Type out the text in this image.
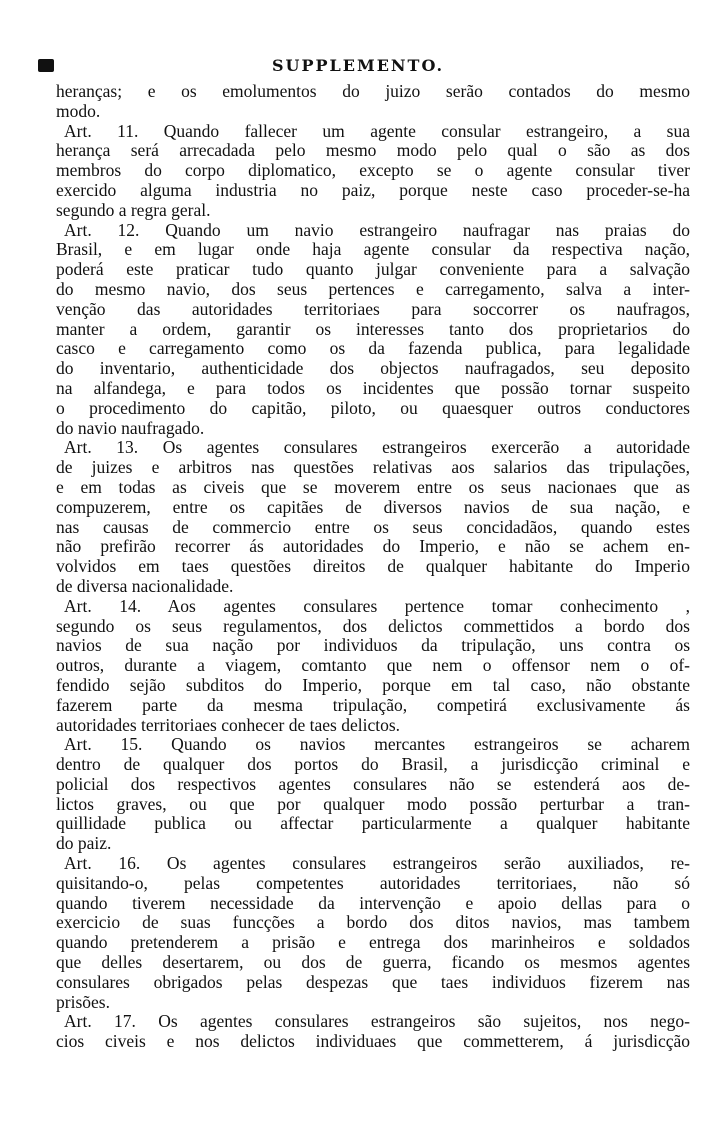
SUPPLEMENTO.
heranças; e os emolumentos do juizo serão contados do mesmo
modo.
Art. 11. Quando fallecer um agente consular estrangeiro, a sua
herança será arrecadada pelo mesmo modo pelo qual o são as dos
membros do corpo diplomatico, excepto se o agente consular tiver
exercido alguma industria no paiz, porque neste caso proceder-se-ha
segundo a regra geral.
Art. 12. Quando um navio estrangeiro naufragar nas praias do
Brasil, e em lugar onde haja agente consular da respectiva nação,
poderá este praticar tudo quanto julgar conveniente para a salvação
do mesmo navio, dos seus pertences e carregamento, salva a inter-
venção das autoridades territoriaes para soccorrer os naufragos,
manter a ordem, garantir os interesses tanto dos proprietarios do
casco e carregamento como os da fazenda publica, para legalidade
do inventario, authenticidade dos objectos naufragados, seu deposito
na alfandega, e para todos os incidentes que possão tornar suspeito
o procedimento do capitão, piloto, ou quaesquer outros conductores
do navio naufragado.
Art. 13. Os agentes consulares estrangeiros exercerão a autoridade
de juizes e arbitros nas questões relativas aos salarios das tripulações,
e em todas as civeis que se moverem entre os seus nacionaes que as
compuzerem, entre os capitães de diversos navios de sua nação, e
nas causas de commercio entre os seus concidadãos, quando estes
não prefirão recorrer ás autoridades do Imperio, e não se achem en-
volvidos em taes questões direitos de qualquer habitante do Imperio
de diversa nacionalidade.
Art. 14. Aos agentes consulares pertence tomar conhecimento ,
segundo os seus regulamentos, dos delictos commettidos a bordo dos
navios de sua nação por individuos da tripulação, uns contra os
outros, durante a viagem, comtanto que nem o offensor nem o of-
fendido sejão subditos do Imperio, porque em tal caso, não obstante
fazerem parte da mesma tripulação, competirá exclusivamente ás
autoridades territoriaes conhecer de taes delictos.
Art. 15. Quando os navios mercantes estrangeiros se acharem
dentro de qualquer dos portos do Brasil, a jurisdicção criminal e
policial dos respectivos agentes consulares não se estenderá aos de-
lictos graves, ou que por qualquer modo possão perturbar a tran-
quillidade publica ou affectar particularmente a qualquer habitante
do paiz.
Art. 16. Os agentes consulares estrangeiros serão auxiliados, re-
quisitando-o, pelas competentes autoridades territoriaes, não só
quando tiverem necessidade da intervenção e apoio dellas para o
exercicio de suas funcções a bordo dos ditos navios, mas tambem
quando pretenderem a prisão e entrega dos marinheiros e soldados
que delles desertarem, ou dos de guerra, ficando os mesmos agentes
consulares obrigados pelas despezas que taes individuos fizerem nas
prisões.
Art. 17. Os agentes consulares estrangeiros são sujeitos, nos nego-
cios civeis e nos delictos individuaes que commetterem, á jurisdicção
